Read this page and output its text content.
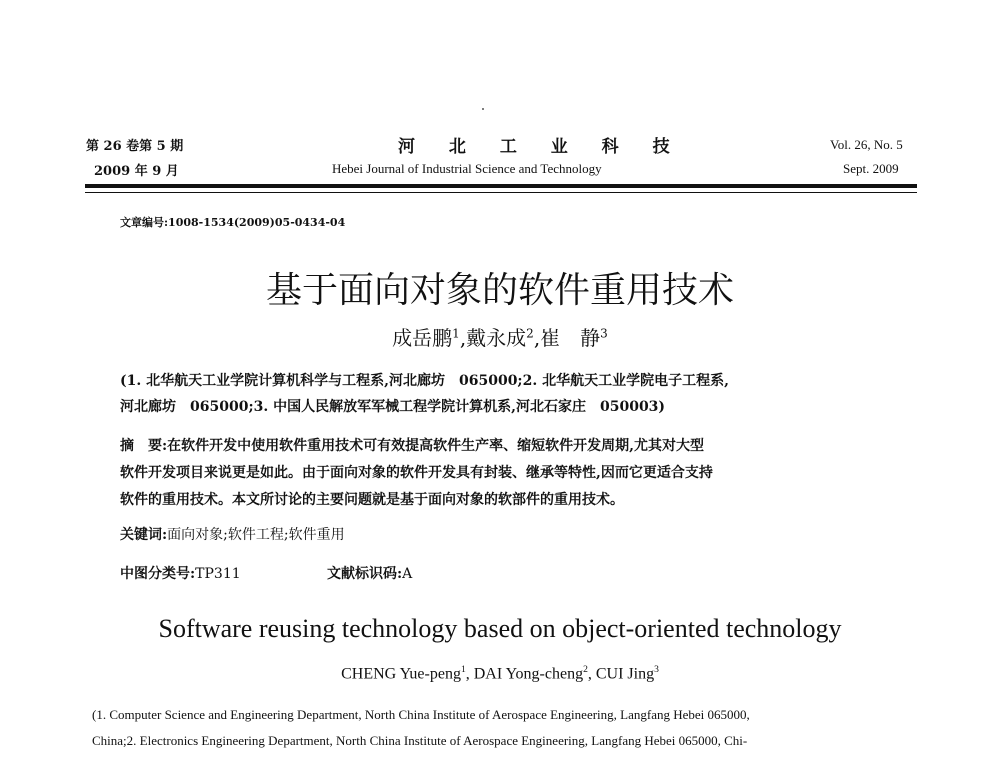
第 26 卷第 5 期
2009 年 9 月
河 北 工 业 科 技
Hebei Journal of Industrial Science and Technology
Vol. 26, No. 5
Sept. 2009
文章编号:1008-1534(2009)05-0434-04
基于面向对象的软件重用技术
成岳鹏$^1$,戴永成$^2$,崔　静$^3$
(1. 北华航天工业学院计算机科学与工程系,河北廊坊　065000;2. 北华航天工业学院电子工程系,
河北廊坊　065000;3. 中国人民解放军军械工程学院计算机系,河北石家庄　050003)
摘　要:在软件开发中使用软件重用技术可有效提高软件生产率、缩短软件开发周期,尤其对大型
软件开发项目来说更是如此。由于面向对象的软件开发具有封装、继承等特性,因而它更适合支持
软件的重用技术。本文所讨论的主要问题就是基于面向对象的软部件的重用技术。
关键词:面向对象;软件工程;软件重用
中图分类号:TP311	文献标识码:A
Software reusing technology based on object-oriented technology
CHENG Yue-peng$^1$, DAI Yong-cheng$^2$, CUI Jing$^3$
(1. Computer Science and Engineering Department, North China Institute of Aerospace Engineering, Langfang Hebei 065000,
China;2. Electronics Engineering Department, North China Institute of Aerospace Engineering, Langfang Hebei 065000, Chi-
